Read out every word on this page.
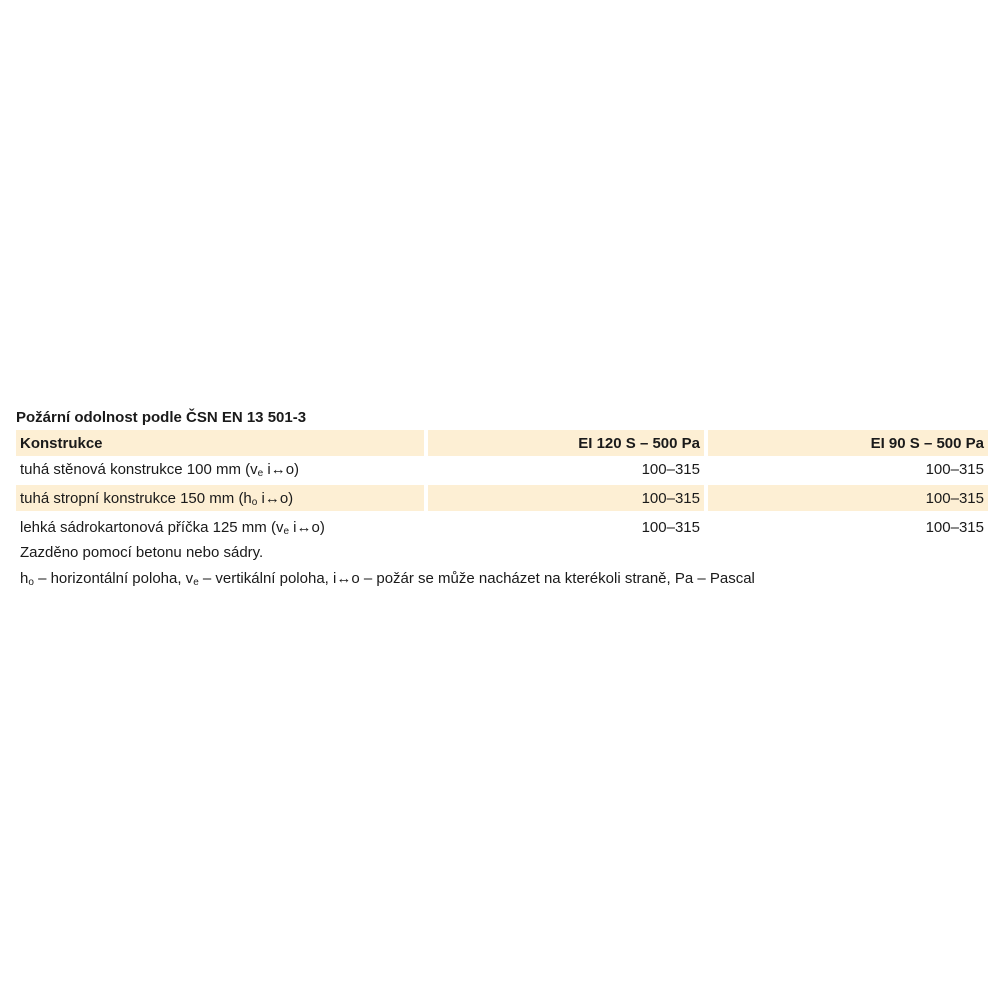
Požární odolnost podle ČSN EN 13 501-3
Konstrukce	EI 120 S – 500 Pa	EI 90 S – 500 Pa
tuhá stěnová konstrukce 100 mm ($v_e$ i↔o)	100–315	100–315
tuhá stropní konstrukce 150 mm ($h_o$ i↔o)	100–315	100–315
lehká sádrokartonová příčka 125 mm ($v_e$ i↔o)	100–315	100–315
Zazděno pomocí betonu nebo sádry.
$h_o$ – horizontální poloha, $v_e$ – vertikální poloha, i↔o – požár se může nacházet na kterékoli straně, Pa – Pascal
